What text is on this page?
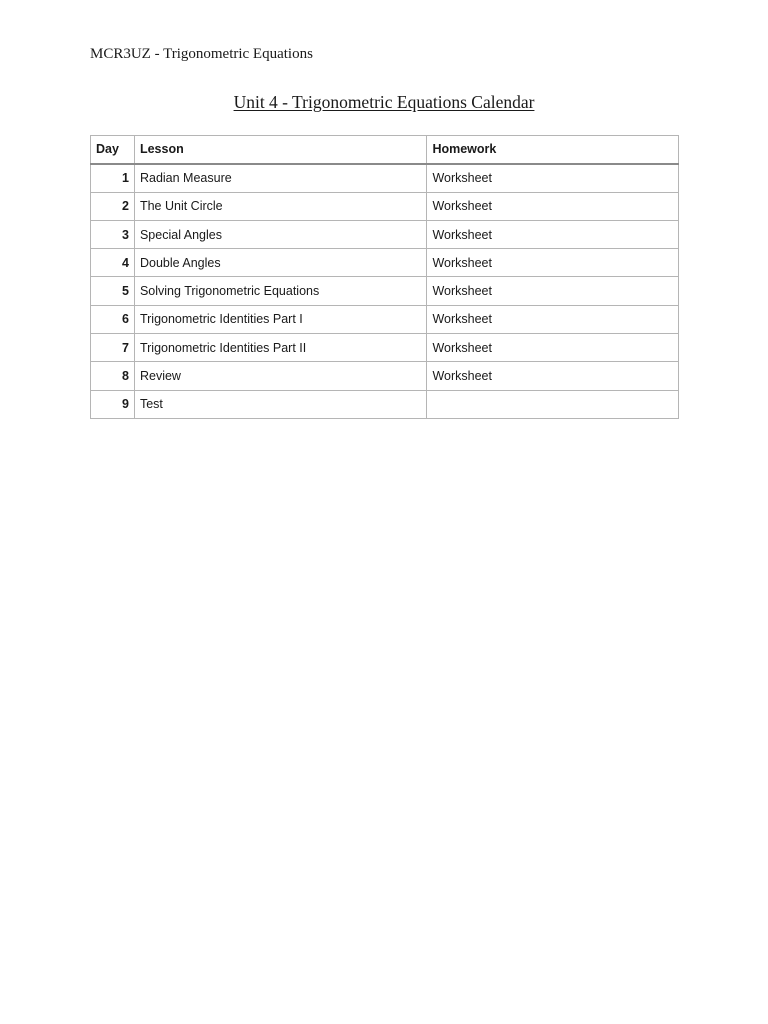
MCR3UZ - Trigonometric Equations
Unit 4 - Trigonometric Equations Calendar
Day	Lesson	Homework
1	Radian Measure	Worksheet
2	The Unit Circle	Worksheet
3	Special Angles	Worksheet
4	Double Angles	Worksheet
5	Solving Trigonometric Equations	Worksheet
6	Trigonometric Identities Part I	Worksheet
7	Trigonometric Identities Part II	Worksheet
8	Review	Worksheet
9	Test	
